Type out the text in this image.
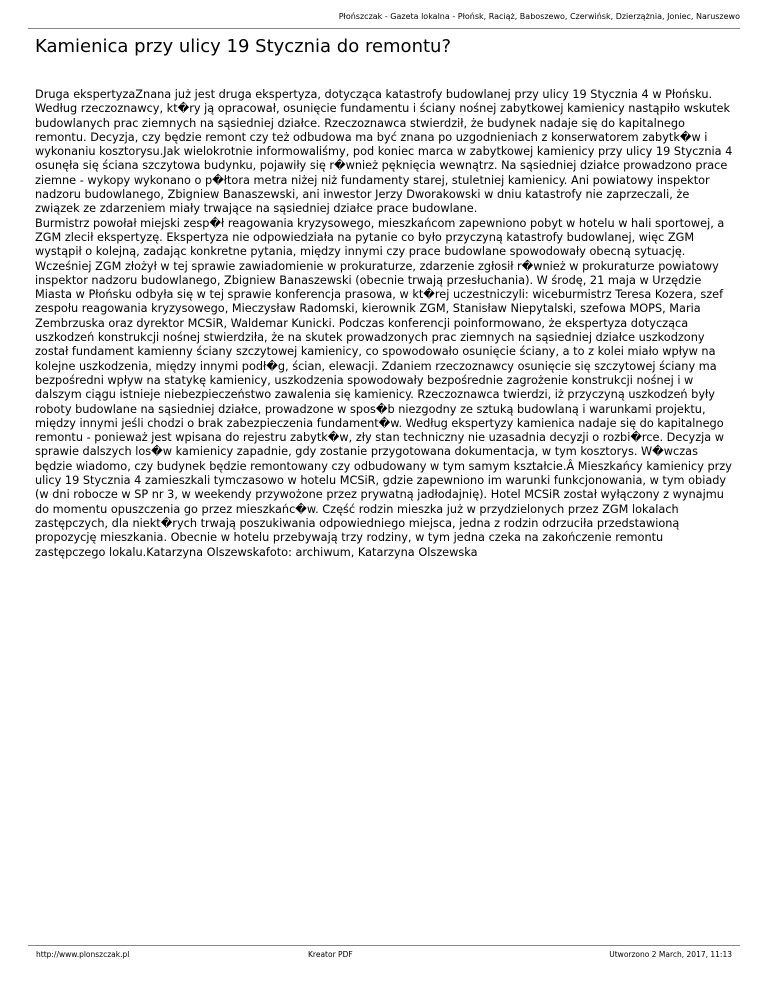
Płońszczak - Gazeta lokalna - Płońsk, Raciąż, Baboszewo, Czerwińsk, Dzierzążnia, Joniec, Naruszewo
Kamienica przy ulicy 19 Stycznia do remontu?

Druga ekspertyzaZnana już jest druga ekspertyza, dotycząca katastrofy budowlanej przy ulicy 19 Stycznia 4 w Płońsku. Według rzeczoznawcy, kt�ry ją opracował, osunięcie fundamentu i ściany nośnej zabytkowej kamienicy nastąpiło wskutek budowlanych prac ziemnych na sąsiedniej działce. Rzeczoznawca stwierdził, że budynek nadaje się do kapitalnego remontu. Decyzja, czy będzie remont czy też odbudowa ma być znana po uzgodnieniach z konserwatorem zabytk�w i wykonaniu kosztorysu.Jak wielokrotnie informowaliśmy, pod koniec marca w zabytkowej kamienicy przy ulicy 19 Stycznia 4 osunęła się ściana szczytowa budynku, pojawiły się r�wnież pęknięcia wewnątrz. Na sąsiedniej działce prowadzono prace ziemne - wykopy wykonano o p�łtora metra niżej niż fundamenty starej, stuletniej kamienicy. Ani powiatowy inspektor nadzoru budowlanego, Zbigniew Banaszewski, ani inwestor Jerzy Dworakowski w dniu katastrofy nie zaprzeczali, że związek ze zdarzeniem miały trwające na sąsiedniej działce prace budowlane.

Burmistrz powołał miejski zesp�ł reagowania kryzysowego, mieszkańcom zapewniono pobyt w hotelu w hali sportowej, a ZGM zlecił ekspertyzę. Ekspertyza nie odpowiedziała na pytanie co było przyczyną katastrofy budowlanej, więc ZGM wystąpił o kolejną, zadając konkretne pytania, między innymi czy prace budowlane spowodowały obecną sytuację. Wcześniej ZGM złożył w tej sprawie zawiadomienie w prokuraturze, zdarzenie zgłosił r�wnież w prokuraturze powiatowy inspektor nadzoru budowlanego, Zbigniew Banaszewski (obecnie trwają przesłuchania). W środę, 21 maja w Urzędzie Miasta w Płońsku odbyła się w tej sprawie konferencja prasowa, w kt�rej uczestniczyli: wiceburmistrz Teresa Kozera, szef zespołu reagowania kryzysowego, Mieczysław Radomski, kierownik ZGM, Stanisław Niepytalski, szefowa MOPS, Maria Zembrzuska oraz dyrektor MCSiR, Waldemar Kunicki. Podczas konferencji poinformowano, że ekspertyza dotycząca uszkodzeń konstrukcji nośnej stwierdziła, że na skutek prowadzonych prac ziemnych na sąsiedniej działce uszkodzony został fundament kamienny ściany szczytowej kamienicy, co spowodowało osunięcie ściany, a to z kolei miało wpływ na kolejne uszkodzenia, między innymi podł�g, ścian, elewacji. Zdaniem rzeczoznawcy osunięcie się szczytowej ściany ma bezpośredni wpływ na statykę kamienicy, uszkodzenia spowodowały bezpośrednie zagrożenie konstrukcji nośnej i w dalszym ciągu istnieje niebezpieczeństwo zawalenia się kamienicy. Rzeczoznawca twierdzi, iż przyczyną uszkodzeń były roboty budowlane na sąsiedniej działce, prowadzone w spos�b niezgodny ze sztuką budowlaną i warunkami projektu, między innymi jeśli chodzi o brak zabezpieczenia fundament�w. Według ekspertyzy kamienica nadaje się do kapitalnego remontu - ponieważ jest wpisana do rejestru zabytk�w, zły stan techniczny nie uzasadnia decyzji o rozbi�rce. Decyzja w sprawie dalszych los�w kamienicy zapadnie, gdy zostanie przygotowana dokumentacja, w tym kosztorys. W�wczas będzie wiadomo, czy budynek będzie remontowany czy odbudowany w tym samym kształcie.Â Mieszkańcy kamienicy przy ulicy 19 Stycznia 4 zamieszkali tymczasowo w hotelu MCSiR, gdzie zapewniono im warunki funkcjonowania, w tym obiady (w dni robocze w SP nr 3, w weekendy przywożone przez prywatną jadłodajnię). Hotel MCSiR został wyłączony z wynajmu do momentu opuszczenia go przez mieszkańc�w. Część rodzin mieszka już w przydzielonych przez ZGM lokalach zastępczych, dla niekt�rych trwają poszukiwania odpowiedniego miejsca, jedna z rodzin odrzuciła przedstawioną propozycję mieszkania. Obecnie w hotelu przebywają trzy rodziny, w tym jedna czeka na zakończenie remontu zastępczego lokalu.Katarzyna Olszewskafoto: archiwum, Katarzyna Olszewska

http://www.plonszczak.pl	Kreator PDF	Utworzono 2 March, 2017, 11:13
